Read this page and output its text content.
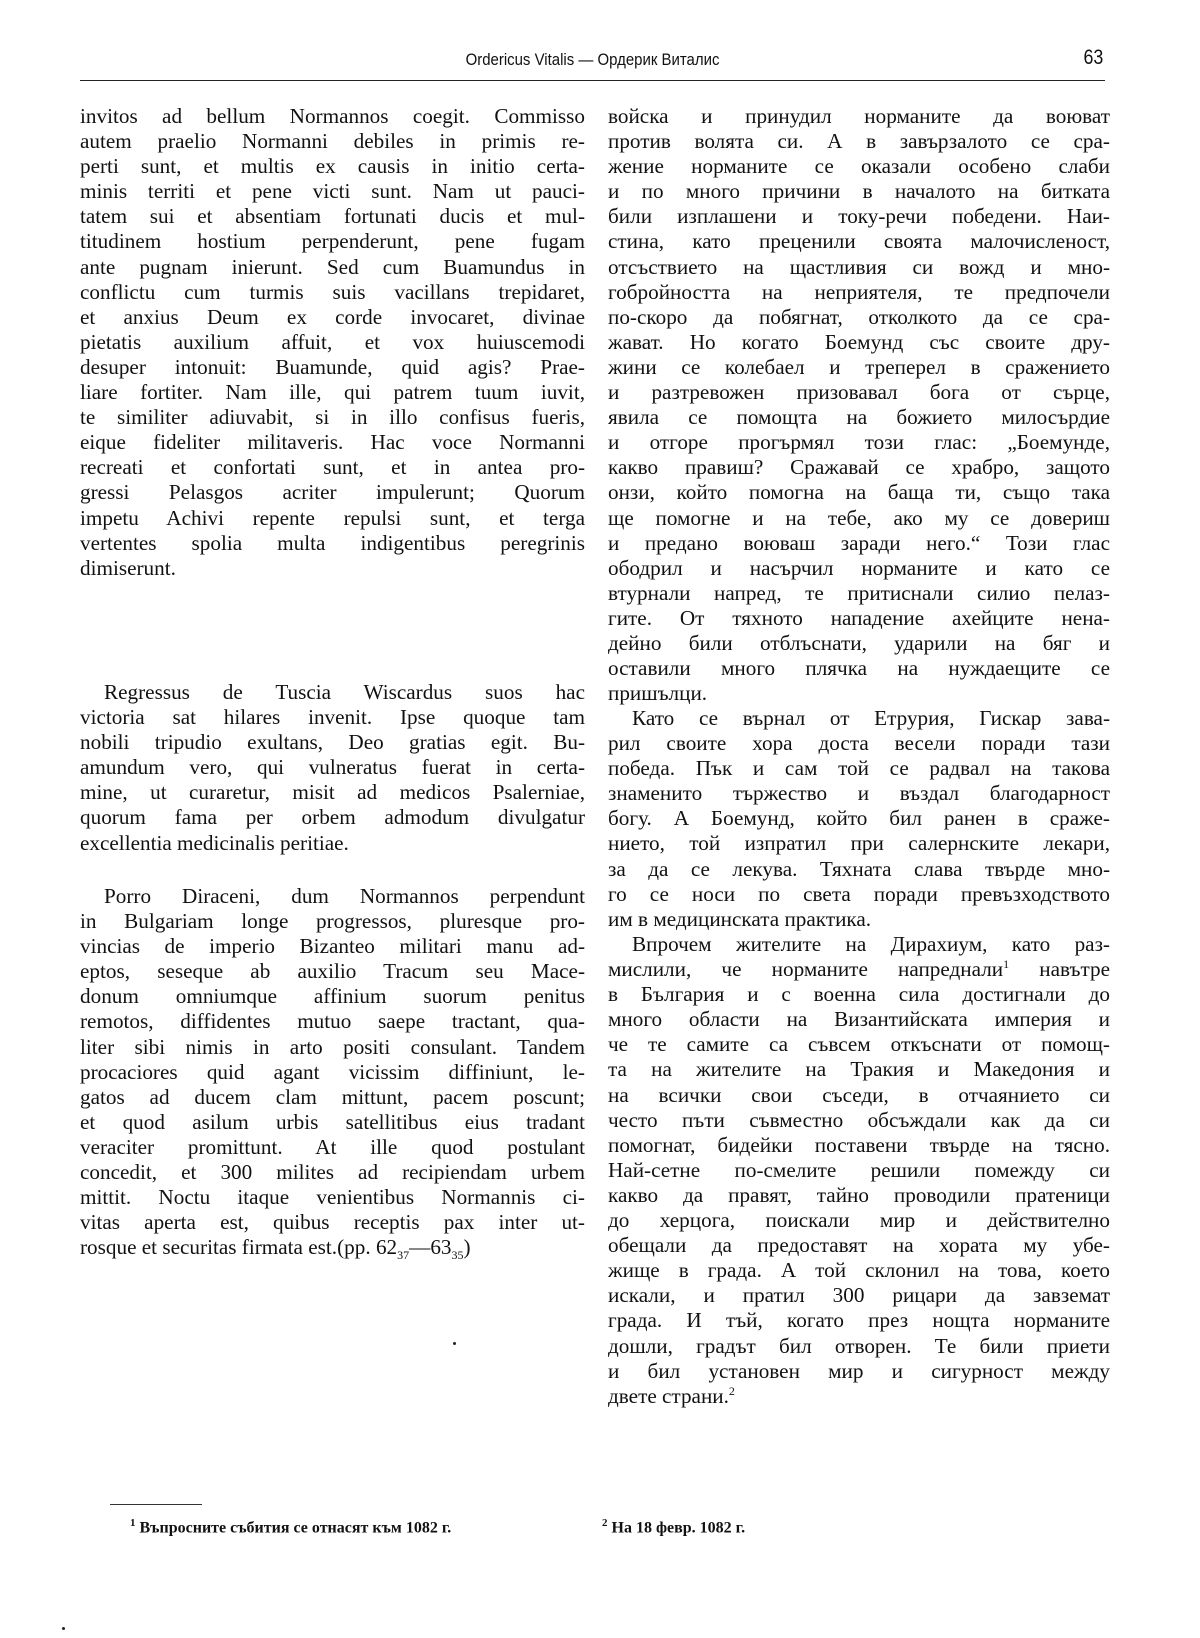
Ordericus Vitalis — Ордерик Виталис	63
invitos ad bellum Normannos coegit. Commisso
autem praelio Normanni debiles in primis re-
perti sunt, et multis ex causis in initio certa-
minis territi et pene victi sunt. Nam ut pauci-
tatem sui et absentiam fortunati ducis et mul-
titudinem hostium perpenderunt, pene fugam
ante pugnam inierunt. Sed cum Buamundus in
conflictu cum turmis suis vacillans trepidaret,
et anxius Deum ex corde invocaret, divinae
pietatis auxilium affuit, et vox huiuscemodi
desuper intonuit: Buamunde, quid agis? Prae-
liare fortiter. Nam ille, qui patrem tuum iuvit,
te similiter adiuvabit, si in illo confisus fueris,
eique fideliter militaveris. Hac voce Normanni
recreati et confortati sunt, et in antea pro-
gressi Pelasgos acriter impulerunt; Quorum
impetu Achivi repente repulsi sunt, et terga
vertentes spolia multa indigentibus peregrinis
dimiserunt.
Regressus de Tuscia Wiscardus suos hac
victoria sat hilares invenit. Ipse quoque tam
nobili tripudio exultans, Deo gratias egit. Bu-
amundum vero, qui vulneratus fuerat in certa-
mine, ut curaretur, misit ad medicos Psalerniae,
quorum fama per orbem admodum divulgatur
excellentia medicinalis peritiae.
Porro Diraceni, dum Normannos perpendunt
in Bulgariam longe progressos, pluresque pro-
vincias de imperio Bizanteo militari manu ad-
eptos, seseque ab auxilio Tracum seu Mace-
donum omniumque affinium suorum penitus
remotos, diffidentes mutuo saepe tractant, qua-
liter sibi nimis in arto positi consulant. Tandem
procaciores quid agant vicissim diffiniunt, le-
gatos ad ducem clam mittunt, pacem poscunt;
et quod asilum urbis satellitibus eius tradant
veraciter promittunt. At ille quod postulant
concedit, et 300 milites ad recipiendam urbem
mittit. Noctu itaque venientibus Normannis ci-
vitas aperta est, quibus receptis pax inter ut-
rosque et securitas firmata est.(pp. $62_{37}—63_{35}$)
войска и принудил норманите да воюват
против волята си. А в завързалото се сра-
жение норманите се оказали особено слаби
и по много причини в началото на битката
били изплашени и току-речи победени. Наи-
стина, като преценили своята малочисленост,
отсъствието на щастливия си вожд и мно-
гобройността на неприятеля, те предпочели
по-скоро да побягнат, отколкото да се сра-
жават. Но когато Боемунд със своите дру-
жини се колебаел и треперел в сражението
и разтревожен призовавал бога от сърце,
явила се помощта на божието милосърдие
и отгоре прогърмял този глас: „Боемунде,
какво правиш? Сражавай се храбро, защото
онзи, който помогна на баща ти, също така
ще помогне и на тебе, ако му се довериш
и предано воюваш заради него.“ Този глас
ободрил и насърчил норманите и като се
втурнали напред, те притиснали силио пелаз-
гите. От тяхното нападение ахейците нена-
дейно били отблъснати, ударили на бяг и
оставили много плячка на нуждаещите се
пришълци.
Като се върнал от Етрурия, Гискар зава-
рил своите хора доста весели поради тази
победа. Пък и сам той се радвал на такова
знаменито тържество и въздал благодарност
богу. А Боемунд, който бил ранен в сраже-
нието, той изпратил при салернските лекари,
за да се лекува. Тяхната слава твърде мно-
го се носи по света поради превъзходството
им в медицинската практика.
Впрочем жителите на Дирахиум, като раз-
мислили, че норманите напреднали$^1$ навътре
в България и с военна сила достигнали до
много области на Византийската империя и
че те самите са съвсем откъснати от помощ-
та на жителите на Тракия и Македония и
на всички свои съседи, в отчаянието си
често пъти съвместно обсъждали как да си
помогнат, бидейки поставени твърде на тясно.
Най-сетне по-смелите решили помежду си
какво да правят, тайно проводили пратеници
до херцога, поискали мир и действително
обещали да предоставят на хората му убе-
жище в града. А той склонил на това, което
искали, и пратил 300 рицари да завземат
града. И тъй, когато през нощта норманите
дошли, градът бил отворен. Те били приети
и бил установен мир и сигурност между
двете страни.$^2$
$^1$ Въпросните събития се отнасят към 1082 г.	$^2$ На 18 февр. 1082 г.
